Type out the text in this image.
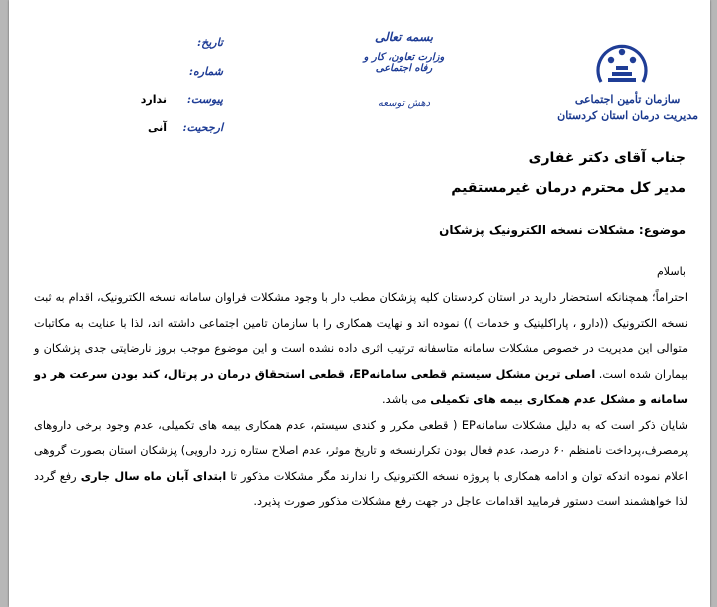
سازمان تأمین اجتماعی
مدیریت درمان استان کردستان
بسمه تعالی
وزارت تعاون، کار و رفاه اجتماعی
دهش توسعه
تاریخ:
شماره:
پیوست:
ندارد
ارجحیت:
آنی
جناب آقای دکتر غفاری
مدیر کل محترم درمان غیرمستقیم
موضوع: مشکلات نسخه الکترونیک پزشکان
باسلام

احتراماً؛ همچنانکه استحضار دارید در استان کردستان کلیه پزشکان مطب دار با وجود مشکلات فراوان سامانه نسخه الکترونیک، اقدام به ثبت نسخه الکترونیک ((دارو ، پاراکلینیک و خدمات )) نموده اند و نهایت همکاری را با سازمان تامین اجتماعی داشته اند، لذا با عنایت به مکاتبات متوالی این مدیریت در خصوص مشکلات سامانه متاسفانه ترتیب اثری داده نشده است و این موضوع موجب بروز نارضایتی جدی پزشکان و بیماران شده است. اصلی ترین مشکل سیستم قطعی سامانهEP، قطعی استحقاق درمان در پرتال، کند بودن سرعت هر دو سامانه و مشکل عدم همکاری بیمه های تکمیلی می باشد.

شایان ذکر است که به دلیل مشکلات سامانهEP ( قطعی مکرر و کندی سیستم، عدم همکاری بیمه های تکمیلی، عدم وجود برخی داروهای پرمصرف،پرداخت نامنظم ۶۰ درصد، عدم فعال بودن تکرارنسخه و تاریخ موثر، عدم اصلاح ستاره زرد دارویی) پزشکان استان بصورت گروهی اعلام نموده اندکه توان و ادامه همکاری با پروژه نسخه الکترونیک را ندارند مگر مشکلات مذکور تا ابتدای آبان ماه سال جاری رفع گردد لذا خواهشمند است دستور فرمایید اقدامات عاجل در جهت رفع مشکلات مذکور صورت پذیرد.
